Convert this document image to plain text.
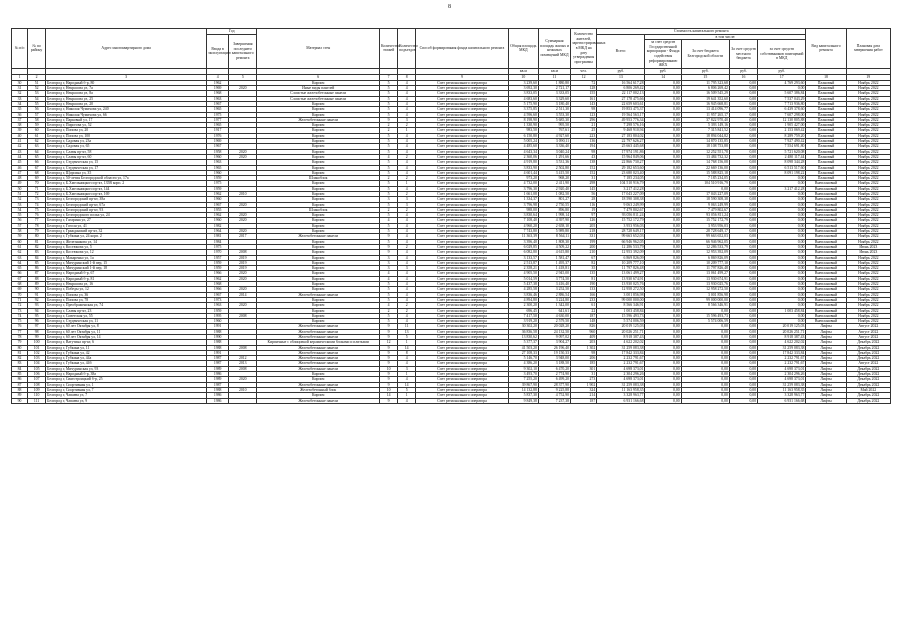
8
№ п/п	№ по району	Адрес многоквартирного дома	Год		Материал стен	Количество этажей	Количество подъездов	Способ формирования фонда капитального ремонта	Общая площадь МКД	Суммарная площадь жилых и нежилых помещений МКД	Количество жителей, зарегистрированных в МКД на дату утверждения программы	Стоимость капитального ремонта					Вид капитального ремонта	Плановая дата завершения работ
			Ввода в эксплуатацию	Завершения последнего капитального ремонта								Всего:	в том числе:					
													за счет средств Государственной корпорации - Фонда содействия реформированию ЖКХ	За счет бюджета Белгородской области	За счет средств местного бюджета	за счет средств собственников помещений в МКД		
									кв.м	кв.м	чел.	руб.	руб.	руб.	руб.	руб.		
1	2	3	4	5	6	7	8	9	10	11	12	13	14	15	16	17	18	19
30	51	Белгород г, Народный б-р, 80	1962		Кирпич	5	4	Счет регионального оператора	3 239,60	1 880,80	72	16 564 617,28	0,00	11 795 323,68	0,00	4 769 293,60	Плановый	Ноябрь 2022
31	52	Белгород г, Некрасова ул, 7а	1969	2020	Иные виды панелей	5	4	Счет регионального оператора	3 692,30	2 721,17	128	6 806 269,42	0,00	6 806 269,42	0,00	0,00	Плановый	Ноябрь 2022
32	53	Белгород г, Некрасова ул, 8а	1968		Слоистые железобетонные панели	5	4	Счет регионального оператора	3 833,05	3 333,05	155	22 117 002,13	0,00	16 509 545,29	0,00	5 607 386,84	Плановый	Ноябрь 2022
33	54	Белгород г, Некрасова ул, 25	1963		Слоистые железобетонные панели	5	4	Счет регионального оператора	4 683,60	3 329,60	161	27 178 475,66	0,00	19 641 352,60	0,00	7 537 043,29	Плановый	Ноябрь 2022
34	55	Белгород г, Некрасова ул, 20	1967		Кирпич	5	4	Счет регионального оператора	5 175,90	3 180,40	143	22 659 603,61	0,00	16 945 668,81	0,00	7 713 936,80	Плановый	Ноябрь 2022
35	56	Белгород г, Николая Чумичова ул, 240	1965		Кирпич	5	4	Счет регионального оператора	3 375,85	2 511,30	98	19 853 475,37	0,00	13 414 096,77	0,00	6 439 378,60	Плановый	Ноябрь 2022
36	57	Белгород г, Николая Чумичова ул, 66	1975		Кирпич	5	4	Счет регионального оператора	4 596,60	3 553,30	123	19 564 563,17	0,00	11 957 265,17	0,00	7 607 298,00	Плановый	Ноябрь 2022
37	58	Белгород г, Парковый ул, 17	1977		Железобетонные панели	9	3	Счет регионального оператора	8 198,90	5 685,30	296	49 953 776,34	0,00	37 822 970,40	0,00	12 130 805,88	Плановый	Ноябрь 2022
38	59	Белгород г, Пирогова ул, 52	1965		Кирпич	2	2	Счет регионального оператора	1 330,90	995,50	21	7 298 576,16	0,00	5 393 149,16	0,00	1 905 427,00	Плановый	Ноябрь 2022
39	60	Белгород г, Попова ул, 20	1917		Кирпич	2	1	Счет регионального оператора	983,50	767,61	25	9 468 910,94	0,00	7 315 841,52	0,00	2 153 069,42	Плановый	Ноябрь 2022
40	61	Белгород г, Попова ул, 100	1976		Кирпич	5	4	Счет регионального оператора	6 150,80	4 927,60	223	27 183 804,02	0,00	18 894 044,82	0,00	8 289 759,20	Плановый	Ноябрь 2022
41	62	Белгород г, Садовая ул, 23а	1969		Кирпич	5	4	Счет регионального оператора	5 005,24	3 090,11	136	22 797 626,27	0,00	14 870 135,85	0,00	7 927 490,42	Плановый	Ноябрь 2022
42	63	Белгород г, Садовая ул, 65	1967		Кирпич	5	4	Счет регионального оператора	4 485,60	3 336,40	194	25 663 445,68	0,00	18 108 753,88	0,00	7 554 691,80	Плановый	Ноябрь 2022
43	64	Белгород г, Славы пр-кт, 58	1958	2020	Кирпич	5	4	Счет регионального оператора	4 643,34	3 040,24	98	17 974 191,86	0,00	12 252 551,78	0,00	5 721 620,08	Плановый	Ноябрь 2022
44	65	Белгород г, Славы пр-кт, 60	1960	2020	Кирпич	4	2	Счет регионального оператора	2 360,06	1 291,66	43	15 964 849,06	0,00	13 484 732,32	0,00	2 480 117,44	Плановый	Ноябрь 2022
45	66	Белгород г, Студенческая ул, 15	1963		Кирпич	5	4	Счет регионального оператора	4 919,80	3 531,36	138	22 866 730,27	0,00	14 768 156,08	0,00	8 098 344,28	Плановый	Ноябрь 2022
46	67	Белгород г, Студенческая ул, 17	1965		Кирпич	5	4	Счет регионального оператора	3 833,90	2 502,80	152	29 182 653,60	0,00	22 669 136,00	0,00	6 513 517,60	Плановый	Ноябрь 2022
47	68	Белгород г, Щорсина ул, 35	1960		Кирпич	5	4	Счет регионального оператора	4 601,44	3 415,50	152	23 680 023,40	0,00	15 588 825,18	0,00	8 091 198,22	Плановый	Ноябрь 2022
48	69	Белгород г, 50-летия Белгородской области ул, 17а	1959		Шлакоблок	2	2	Счет регионального оператора	973,20	968,20	31	7 185 234,05	0,00	7 185 234,05	0,00	0,00	Плановый	Ноябрь 2022
49	70	Белгород г, Б.Хмельницкого пр-кт, 135В корп. 2	1975		Кирпич	5	1	Счет регионального оператора	4 732,00	2 411,90	298	104 510 916,79	0,00	104 510 916,79	0,00	0,00	Внеплановый	Ноябрь 2022
50	71	Белгород г, Б.Хмельницкого пр-кт, 144	1959		Кирпич	5	4	Счет регионального оператора	3 796,30	2 920,40	145	3 217 412,28	0,00	0,00	0,00	3 217 412,28	Внеплановый	Ноябрь 2022
51	72	Белгород г, Б.Хмельницкого пр-кт, 169	1962	2010	Кирпич	5	2	Счет регионального оператора	1 661,08	1 082,50	56	17 043 227,09	0,00	17 043 227,09	0,00	0,00	Внеплановый	Ноябрь 2022
52	73	Белгород г, Белгородский пр-кт, 38а	1960		Кирпич	3	3	Счет регионального оператора	1 334,37	801,27	28	18 590 308,38	0,00	18 590 308,38	0,00	0,00	Внеплановый	Ноябрь 2022
53	74	Белгород г, Белгородский пр-кт, 67а	1967	2020	Кирпич	5	3	Счет регионального оператора	3 796,98	2 750,55	116	9 063 249,99	0,00	9 063 249,99	0,00	0,00	Внеплановый	Ноябрь 2022
54	75	Белгород г, Белгородский пр-кт, 93	1955		Шлакоблок	2	2	Счет регионального оператора	988,00	896,80	19	7 479 802,67	0,00	7 479 802,67	0,00	0,00	Внеплановый	Ноябрь 2022
55	76	Белгород г, Белгородского полка ул, 24	1962	2020	Кирпич	5	4	Счет регионального оператора	3 830,64	1 998,14	97	93 056 811,24	0,00	93 056 811,24	0,00	0,00	Внеплановый	Ноябрь 2022
56	77	Белгород г, Гагарина ул, 27	1960	2020	Кирпич	4	4	Счет регионального оператора	7 108,40	4 397,90	126	15 752 172,79	0,00	15 752 172,79	0,00	0,00	Внеплановый	Ноябрь 2022
57	78	Белгород г, Гоголя ул, 41	1982		Кирпич	5	4	Счет регионального оператора	4 960,20	2 658,10	205	3 953 956,03	0,00	3 953 956,03	0,00	0,00	Внеплановый	Ноябрь 2022
58	79	Белгород г, Гражданский пр-кт, 32	1964	2020	Кирпич	5	4	Счет регионального оператора	7 743,80	5 989,80	218	28 728 649,17	0,00	28 728 649,17	0,00	0,00	Внеплановый	Ноябрь 2022
59	80	Белгород г, Губкина ул, 24 корп. 2	1981	2017	Железобетонные панели	9	4	Счет регионального оператора	11 363,39	8 564,11	331	99 663 652,03	0,00	99 663 652,03	0,00	0,00	Внеплановый	Ноябрь 2022
60	81	Белгород г, Железнякова ул, 14	1984		Кирпич	5	4	Счет регионального оператора	3 396,40	1 808,30	199	66 946 962,05	0,00	66 946 962,05	0,00	0,00	Внеплановый	Ноябрь 2022
61	82	Белгород г, Костюкова ул, 5	1975		Кирпич	9	2	Счет регионального оператора	6 029,85	4 509,22	200	12 286 533,79	0,00	12 286 533,79	0,00	0,00	Внеплановый	Июнь 2023
62	83	Белгород г, Костюкова ул, 12	1970	2008	Кирпич	9	4	Счет регионального оператора	6 082,80	4 615,80	210	12 953 392,09	0,00	12 953 392,09	0,00	0,00	Внеплановый	Июнь 2023
63	84	Белгород г, Макаренко ул, 1а	1957	2019	Кирпич	3	4	Счет регионального оператора	3 133,57	1 581,47	67	6 869 826,09	0,00	6 869 826,09	0,00	0,00	Внеплановый	Ноябрь 2022
64	85	Белгород г, Мичуринский 1-й пер, 15	1959	2019	Кирпич	3	4	Счет регионального оператора	2 513,87	1 495,37	82	10 209 777,10	0,00	10 209 777,10	0,00	0,00	Внеплановый	Ноябрь 2022
65	86	Белгород г, Мичуринский 1-й пер, 18	1959	2019	Кирпич	3	3	Счет регионального оператора	2 358,21	1 418,81	35	11 797 826,48	0,00	11 797 826,48	0,00	0,00	Внеплановый	Ноябрь 2022
66	87	Белгород г, Народный б-р, 67	1966	2020	Кирпич	4	4	Счет регионального оператора	4 905,50	2 945,00	135	13 061 499,27	0,00	13 061 499,27	0,00	0,00	Внеплановый	Ноябрь 2022
67	88	Белгород г, Народный б-р, 81	1962	2020	Кирпич	4	4	Счет регионального оператора	5 014,59	3 774,50	81	13 930 674,91	0,00	13 930 674,91	0,00	0,00	Внеплановый	Ноябрь 2022
68	89	Белгород г, Некрасова ул, 16	1968		Кирпич	5	4	Счет регионального оператора	5 437,38	3 416,40	190	13 930 025,76	0,00	13 930 025,76	0,00	0,00	Внеплановый	Ноябрь 2022
69	90	Белгород г, Победы ул, 12	1966	2020	Кирпич	5	4	Счет регионального оператора	4 285,58	3 252,50	133	12 958 272,50	0,00	12 958 272,50	0,00	0,00	Внеплановый	Ноябрь 2022
70	91	Белгород г, Попова ул, 36	1967	2014	Железобетонные панели	5	4	Счет регионального оператора	3 836,46	2 886,54	166	3 001 856,98	0,00	3 001 856,98	0,00	0,00	Внеплановый	Ноябрь 2022
71	92	Белгород г, Попова ул, 78	1973		Кирпич	5	4	Счет регионального оператора	4 894,80	3 224,80	233	99 000 000,00	0,00	99 000 000,00	0,00	0,00	Внеплановый	Ноябрь 2022
72	93	Белгород г, Преображенская ул, 74	1963	2020	Кирпич	4	2	Счет регионального оператора	2 300,20	1 342,00	61	8 566 346,91	0,00	8 566 346,91	0,00	0,00	Внеплановый	Ноябрь 2022
73	94	Белгород г, Славы пр-кт, 23	1959		Кирпич	2	2	Счет регионального оператора	696,45	641,61	22	1 003 458,84	0,00	0,00	0,00	1 003 458,84	Внеплановый	Ноябрь 2022
74	95	Белгород г, Советская ул, 55	1995	2008	Кирпич	5	4	Счет регионального оператора	7 417,50	4 630,00	187	15 596 493,73	0,00	15 596 493,73	0,00	0,00	Внеплановый	Ноябрь 2022
75	96	Белгород г, Студенческая ул, 11	1960		Кирпич	5	4	Счет регионального оператора	3 919,20	2 579,50	148	5 574 006,59	0,00	5 574 006,59	0,00	0,00	Внеплановый	Ноябрь 2022
76	97	Белгород г, 60 лет Октября ул, 8	1991		Железобетонные панели	9	11	Счет регионального оператора	30 302,20	20 028,20	826	20 019 125,03	0,00	0,00	0,00	20 019 125,03	Лифты	Август 2022
77	98	Белгород г, 60 лет Октября ул, 11	1988		Железобетонные панели	9	13	Счет регионального оператора	36 836,58	24 132,50	960	20 026 251,71	0,00	0,00	0,00	20 026 251,71	Лифты	Август 2022
78	99	Белгород г, 60 лет Октября ул, 14	1990		Железобетонные панели	9	5	Счет регионального оператора	13 830,62	9 097,02	409	8 918 387,43	0,00	0,00	0,00	8 918 387,43	Лифты	Август 2022
79	100	Белгород г, Ватутина пр-кт, 6	1988		Кирпичные с облицовкой керамическими блоками и плитками	12	1	Счет регионального оператора	5 377,37	3 904,27	203	4 622 202,02	0,00	0,00	0,00	4 622 202,02	Лифты	Декабрь 2022
80	101	Белгород г, Губкина ул, 11	1988	2008	Железобетонные панели	9	14	Счет регионального оператора	41 503,20	26 196,40	1 302	31 259 083,38	0,00	0,00	0,00	31 259 083,38	Лифты	Декабрь 2022
81	102	Белгород г, Губкина ул, 42	1991		Железобетонные панели	9	8	Счет регионального оператора	27 108,33	19 150,33	98	17 842 333,84	0,00	0,00	0,00	17 842 333,84	Лифты	Декабрь 2022
82	103	Белгород г, Губкина ул, 44а	1987	2012	Железобетонные панели	9	4	Счет регионального оператора	5 146,70	3 948,00	206	2 232 791,67	0,00	0,00	0,00	2 232 791,67	Лифты	Декабрь 2022
83	104	Белгород г, Губкина ул, 44б	1987	2013	Железобетонные панели	9	4	Счет регионального оператора	4 386,20	3 188,50	185	2 232 791,67	0,00	0,00	0,00	2 232 791,67	Лифты	Август 2022
84	105	Белгород г, Мичуринская ул, 93	1989	2008	Железобетонные панели	10	3	Счет регионального оператора	9 302,10	6 470,20	301	4 698 373,01	0,00	0,00	0,00	4 698 373,01	Лифты	Декабрь 2022
85	106	Белгород г, Народный б-р, 38а	1986		Кирпич	9	1	Счет регионального оператора	3 493,70	2 774,90	31	2 304 296,26	0,00	0,00	0,00	2 304 296,26	Лифты	Декабрь 2022
86	107	Белгород г, Святотроицкий б-р, 25	1989	2020	Кирпич	9	4	Счет регионального оператора	7 255,20	6 499,20	273	4 698 373,01	0,00	0,00	0,00	4 698 373,01	Лифты	Декабрь 2022
87	108	Белгород г, Спортивная ул, 1	1987		Железобетонные панели	9	14	Счет регионального оператора	39 867,90	28 377,90	1 902	31 259 083,38	0,00	0,00	0,00	31 259 083,38	Лифты	Декабрь 2022
88	109	Белгород г, Спортивная ул, 7	1988	2010	Железобетонный блок	10	5	Счет регионального оператора	14 132,88	9 225,88	324	11 163 958,35	0,00	0,00	0,00	11 163 958,35	Лифты	Май 2022
89	110	Белгород г, Чапаева ул, 7	1986		Кирпич	14	1	Счет регионального оператора	5 837,30	4 752,90	214	3 328 963,77	0,00	0,00	0,00	3 328 963,77	Лифты	Декабрь 2022
90	111	Белгород г, Чапаева ул, 9	1986		Железобетонные панели	9	4	Счет регионального оператора	9 849,38	7 237,38	187	6 931 166,68	0,00	0,00	0,00	6 931 166,68	Лифты	Декабрь 2022
